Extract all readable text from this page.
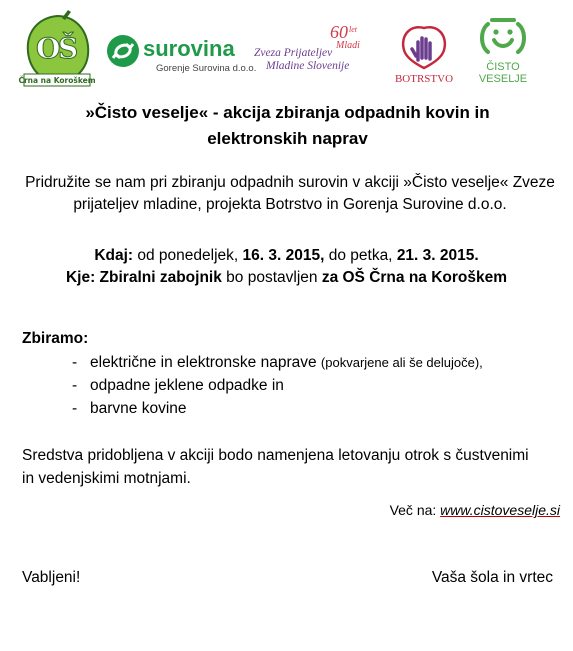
O
Š
Črna na Koroškem
surovina
Gorenje Surovina d.o.o.
60 let
Mladi
Zveza Prijateljev
Mladine Slovenije
BOTRSTVO
ČISTO
VESELJE
»Čisto veselje« - akcija zbiranja odpadnih kovin in elektronskih naprav
Pridružite se nam pri zbiranju odpadnih surovin v akciji »Čisto veselje« Zveze prijateljev mladine, projekta Botrstvo in Gorenja Surovine d.o.o.
Kdaj: od ponedeljek, 16. 3. 2015, do petka, 21. 3. 2015.
Kje: Zbiralni zabojnik bo postavljen za OŠ Črna na Koroškem
Zbiramo:
- električne in elektronske naprave (pokvarjene ali še delujoče),
- odpadne jeklene odpadke in
- barvne kovine
Sredstva pridobljena v akciji bodo namenjena letovanju otrok s čustvenimi in vedenjskimi motnjami.
Več na: www.cistoveselje.si
Vabljeni!	Vaša šola in vrtec
